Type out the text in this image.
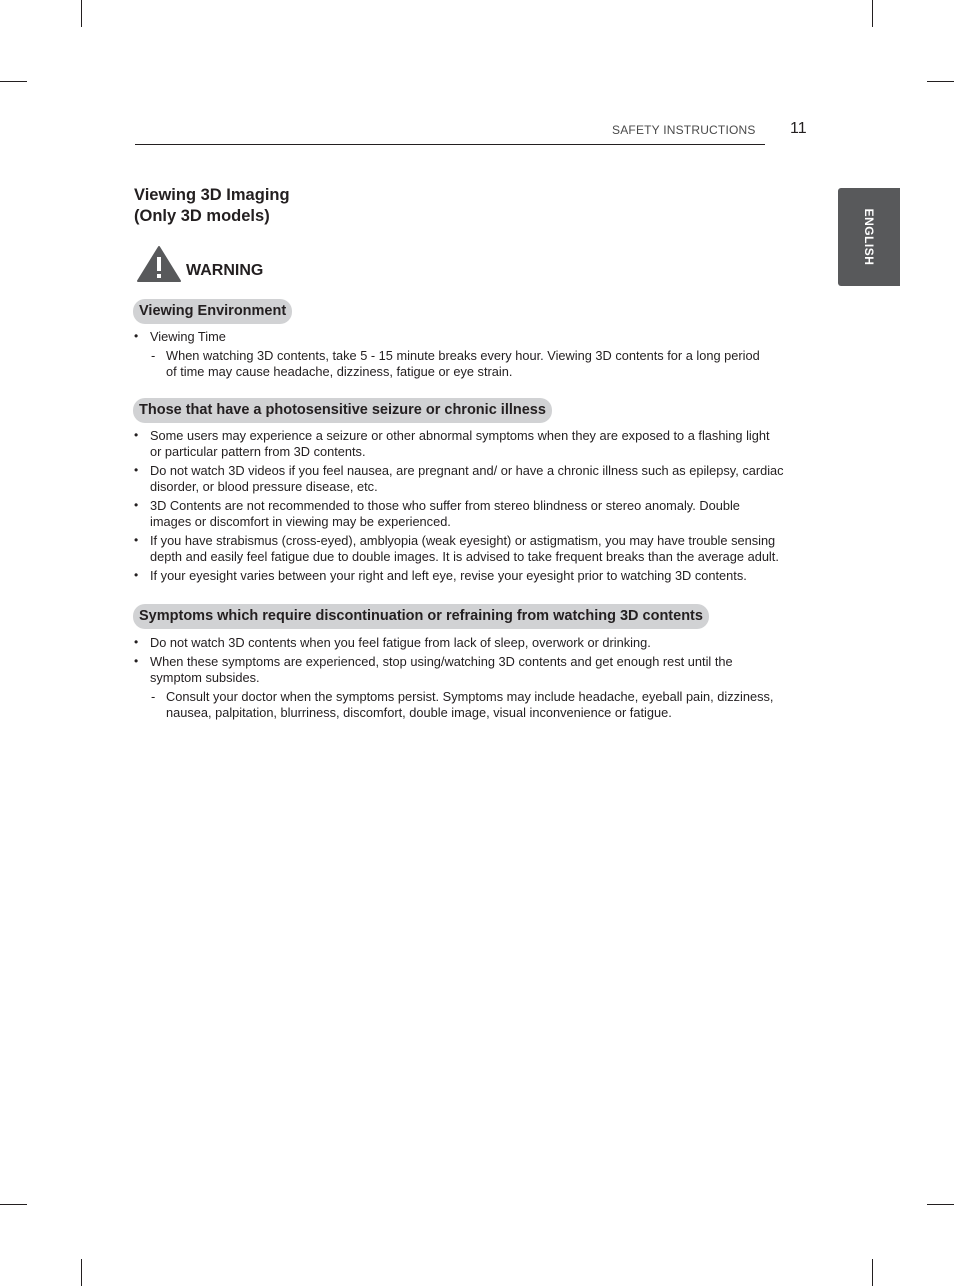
SAFETY INSTRUCTIONS 11
ENGLISH
Viewing 3D Imaging
(Only 3D models)
WARNING
Viewing Environment
• Viewing Time
- When watching 3D contents, take 5 - 15 minute breaks every hour. Viewing 3D contents for a long period
of time may cause headache, dizziness, fatigue or eye strain.
Those that have a photosensitive seizure or chronic illness
• Some users may experience a seizure or other abnormal symptoms when they are exposed to a flashing light
or particular pattern from 3D contents.
• Do not watch 3D videos if you feel nausea, are pregnant and/ or have a chronic illness such as epilepsy, cardiac
disorder, or blood pressure disease, etc.
• 3D Contents are not recommended to those who suffer from stereo blindness or stereo anomaly. Double
images or discomfort in viewing may be experienced.
• If you have strabismus (cross-eyed), amblyopia (weak eyesight) or astigmatism, you may have trouble sensing
depth and easily feel fatigue due to double images. It is advised to take frequent breaks than the average adult.
• If your eyesight varies between your right and left eye, revise your eyesight prior to watching 3D contents.
Symptoms which require discontinuation or refraining from watching 3D contents
• Do not watch 3D contents when you feel fatigue from lack of sleep, overwork or drinking.
• When these symptoms are experienced, stop using/watching 3D contents and get enough rest until the
symptom subsides.
- Consult your doctor when the symptoms persist. Symptoms may include headache, eyeball pain, dizziness,
nausea, palpitation, blurriness, discomfort, double image, visual inconvenience or fatigue.
